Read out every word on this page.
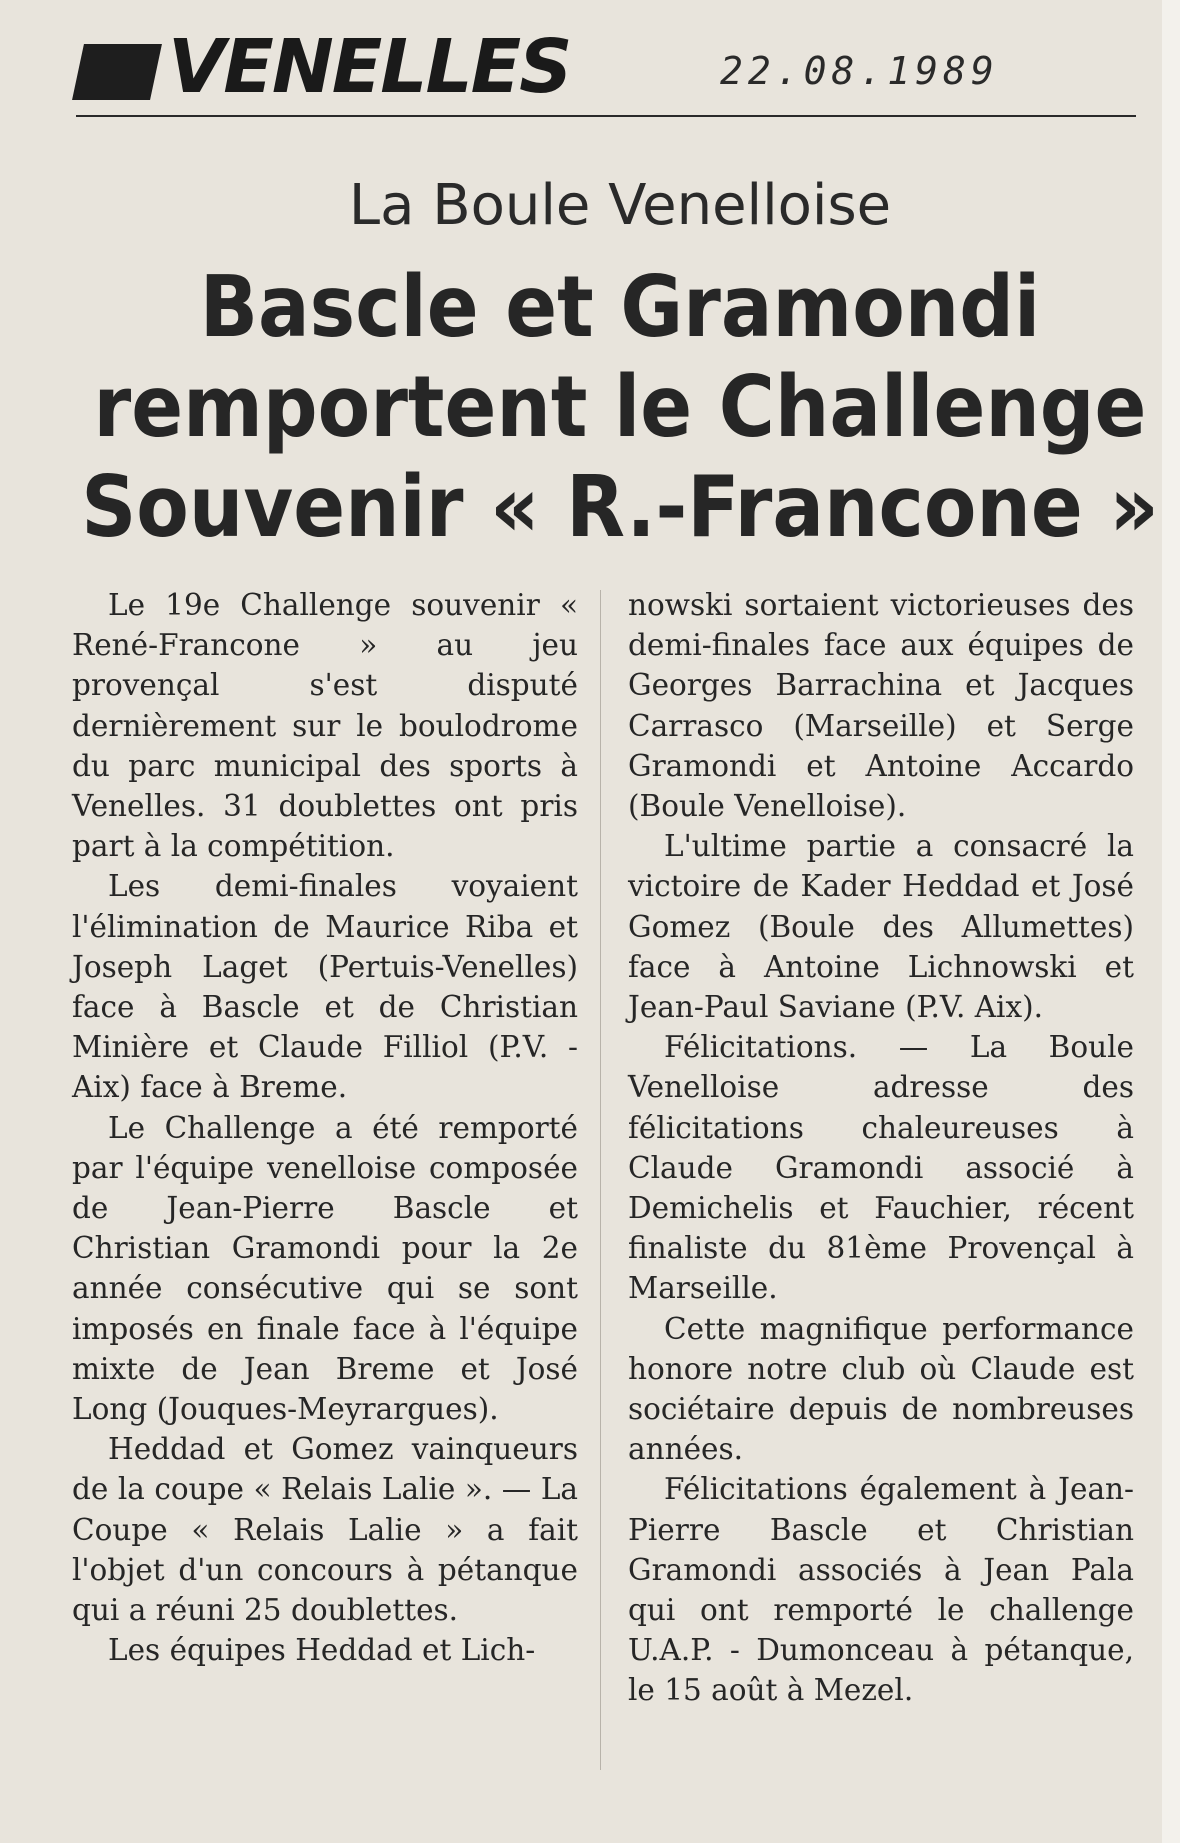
VENELLES	22.08.1989
La Boule Venelloise
Bascle et Gramondi remportent le Challenge Souvenir « R.-Francone »

Le 19e Challenge souvenir « René-Francone » au jeu provençal s'est disputé dernièrement sur le boulodrome du parc municipal des sports à Venelles. 31 doublettes ont pris part à la compétition.

Les demi-finales voyaient l'élimination de Maurice Riba et Joseph Laget (Pertuis-Venelles) face à Bascle et de Christian Minière et Claude Filliol (P.V. - Aix) face à Breme.

Le Challenge a été remporté par l'équipe venelloise composée de Jean-Pierre Bascle et Christian Gramondi pour la 2e année consécutive qui se sont imposés en finale face à l'équipe mixte de Jean Breme et José Long (Jouques-Meyrargues).

Heddad et Gomez vainqueurs de la coupe « Relais Lalie ». — La Coupe « Relais Lalie » a fait l'objet d'un concours à pétanque qui a réuni 25 doublettes.

Les équipes Heddad et Lich-

nowski sortaient victorieuses des demi-finales face aux équipes de Georges Barrachina et Jacques Carrasco (Marseille) et Serge Gramondi et Antoine Accardo (Boule Venelloise).

L'ultime partie a consacré la victoire de Kader Heddad et José Gomez (Boule des Allumettes) face à Antoine Lichnowski et Jean-Paul Saviane (P.V. Aix).

Félicitations. — La Boule Venelloise adresse des félicitations chaleureuses à Claude Gramondi associé à Demichelis et Fauchier, récent finaliste du 81ème Provençal à Marseille.

Cette magnifique performance honore notre club où Claude est sociétaire depuis de nombreuses années.

Félicitations également à Jean-Pierre Bascle et Christian Gramondi associés à Jean Pala qui ont remporté le challenge U.A.P. - Dumonceau à pétanque, le 15 août à Mezel.
